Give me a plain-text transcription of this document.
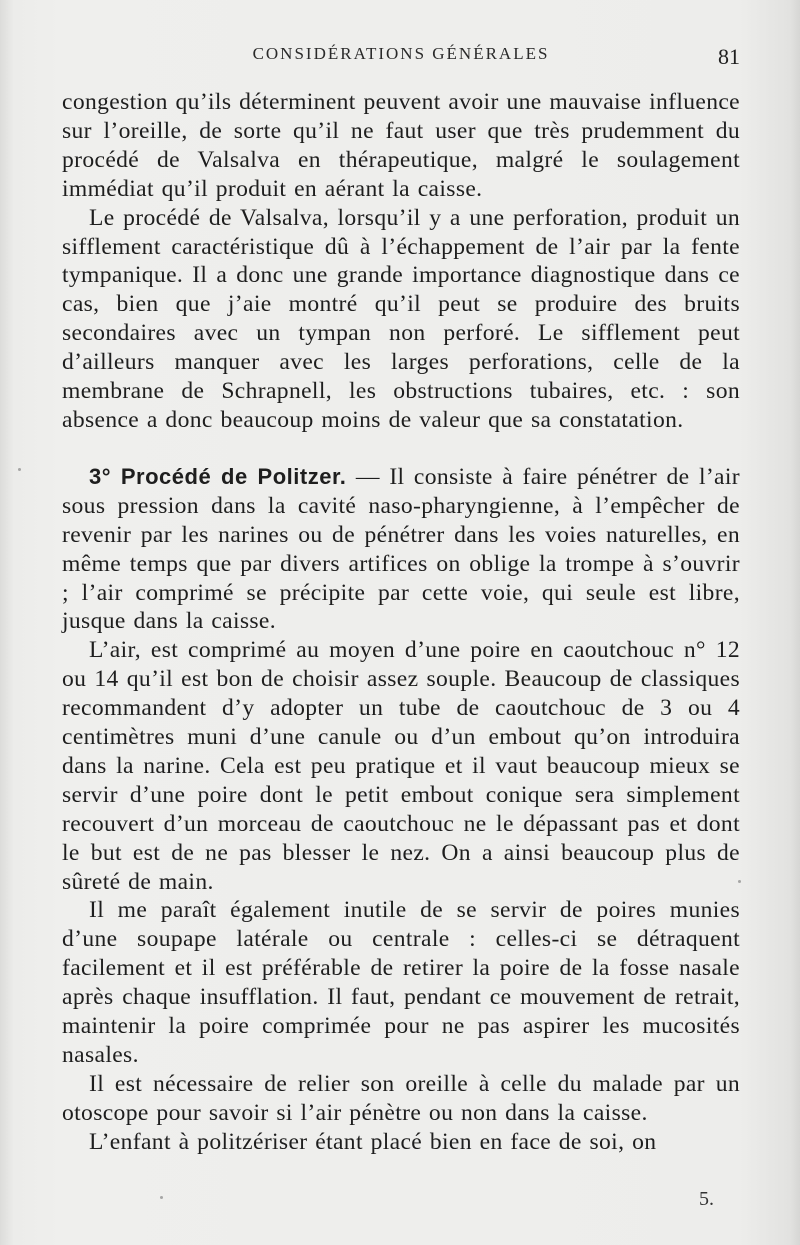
CONSIDÉRATIONS GÉNÉRALES	81

congestion qu’ils déterminent peuvent avoir une mauvaise influence sur l’oreille, de sorte qu’il ne faut user que très prudemment du procédé de Valsalva en thérapeutique, malgré le soulagement immédiat qu’il produit en aérant la caisse.

Le procédé de Valsalva, lorsqu’il y a une perforation, produit un sifflement caractéristique dû à l’échappement de l’air par la fente tympanique. Il a donc une grande importance diagnostique dans ce cas, bien que j’aie montré qu’il peut se produire des bruits secondaires avec un tympan non perforé. Le sifflement peut d’ailleurs manquer avec les larges perforations, celle de la membrane de Schrapnell, les obstructions tubaires, etc. : son absence a donc beaucoup moins de valeur que sa constatation.

3° Procédé de Politzer. — Il consiste à faire pénétrer de l’air sous pression dans la cavité naso-pharyngienne, à l’empêcher de revenir par les narines ou de pénétrer dans les voies naturelles, en même temps que par divers artifices on oblige la trompe à s’ouvrir ; l’air comprimé se précipite par cette voie, qui seule est libre, jusque dans la caisse.

L’air, est comprimé au moyen d’une poire en caoutchouc n° 12 ou 14 qu’il est bon de choisir assez souple. Beaucoup de classiques recommandent d’y adopter un tube de caoutchouc de 3 ou 4 centimètres muni d’une canule ou d’un embout qu’on introduira dans la narine. Cela est peu pratique et il vaut beaucoup mieux se servir d’une poire dont le petit embout conique sera simplement recouvert d’un morceau de caoutchouc ne le dépassant pas et dont le but est de ne pas blesser le nez. On a ainsi beaucoup plus de sûreté de main.

Il me paraît également inutile de se servir de poires munies d’une soupape latérale ou centrale : celles-ci se détraquent facilement et il est préférable de retirer la poire de la fosse nasale après chaque insufflation. Il faut, pendant ce mouvement de retrait, maintenir la poire comprimée pour ne pas aspirer les mucosités nasales.

Il est nécessaire de relier son oreille à celle du malade par un otoscope pour savoir si l’air pénètre ou non dans la caisse.

L’enfant à politzériser étant placé bien en face de soi, on

5.
